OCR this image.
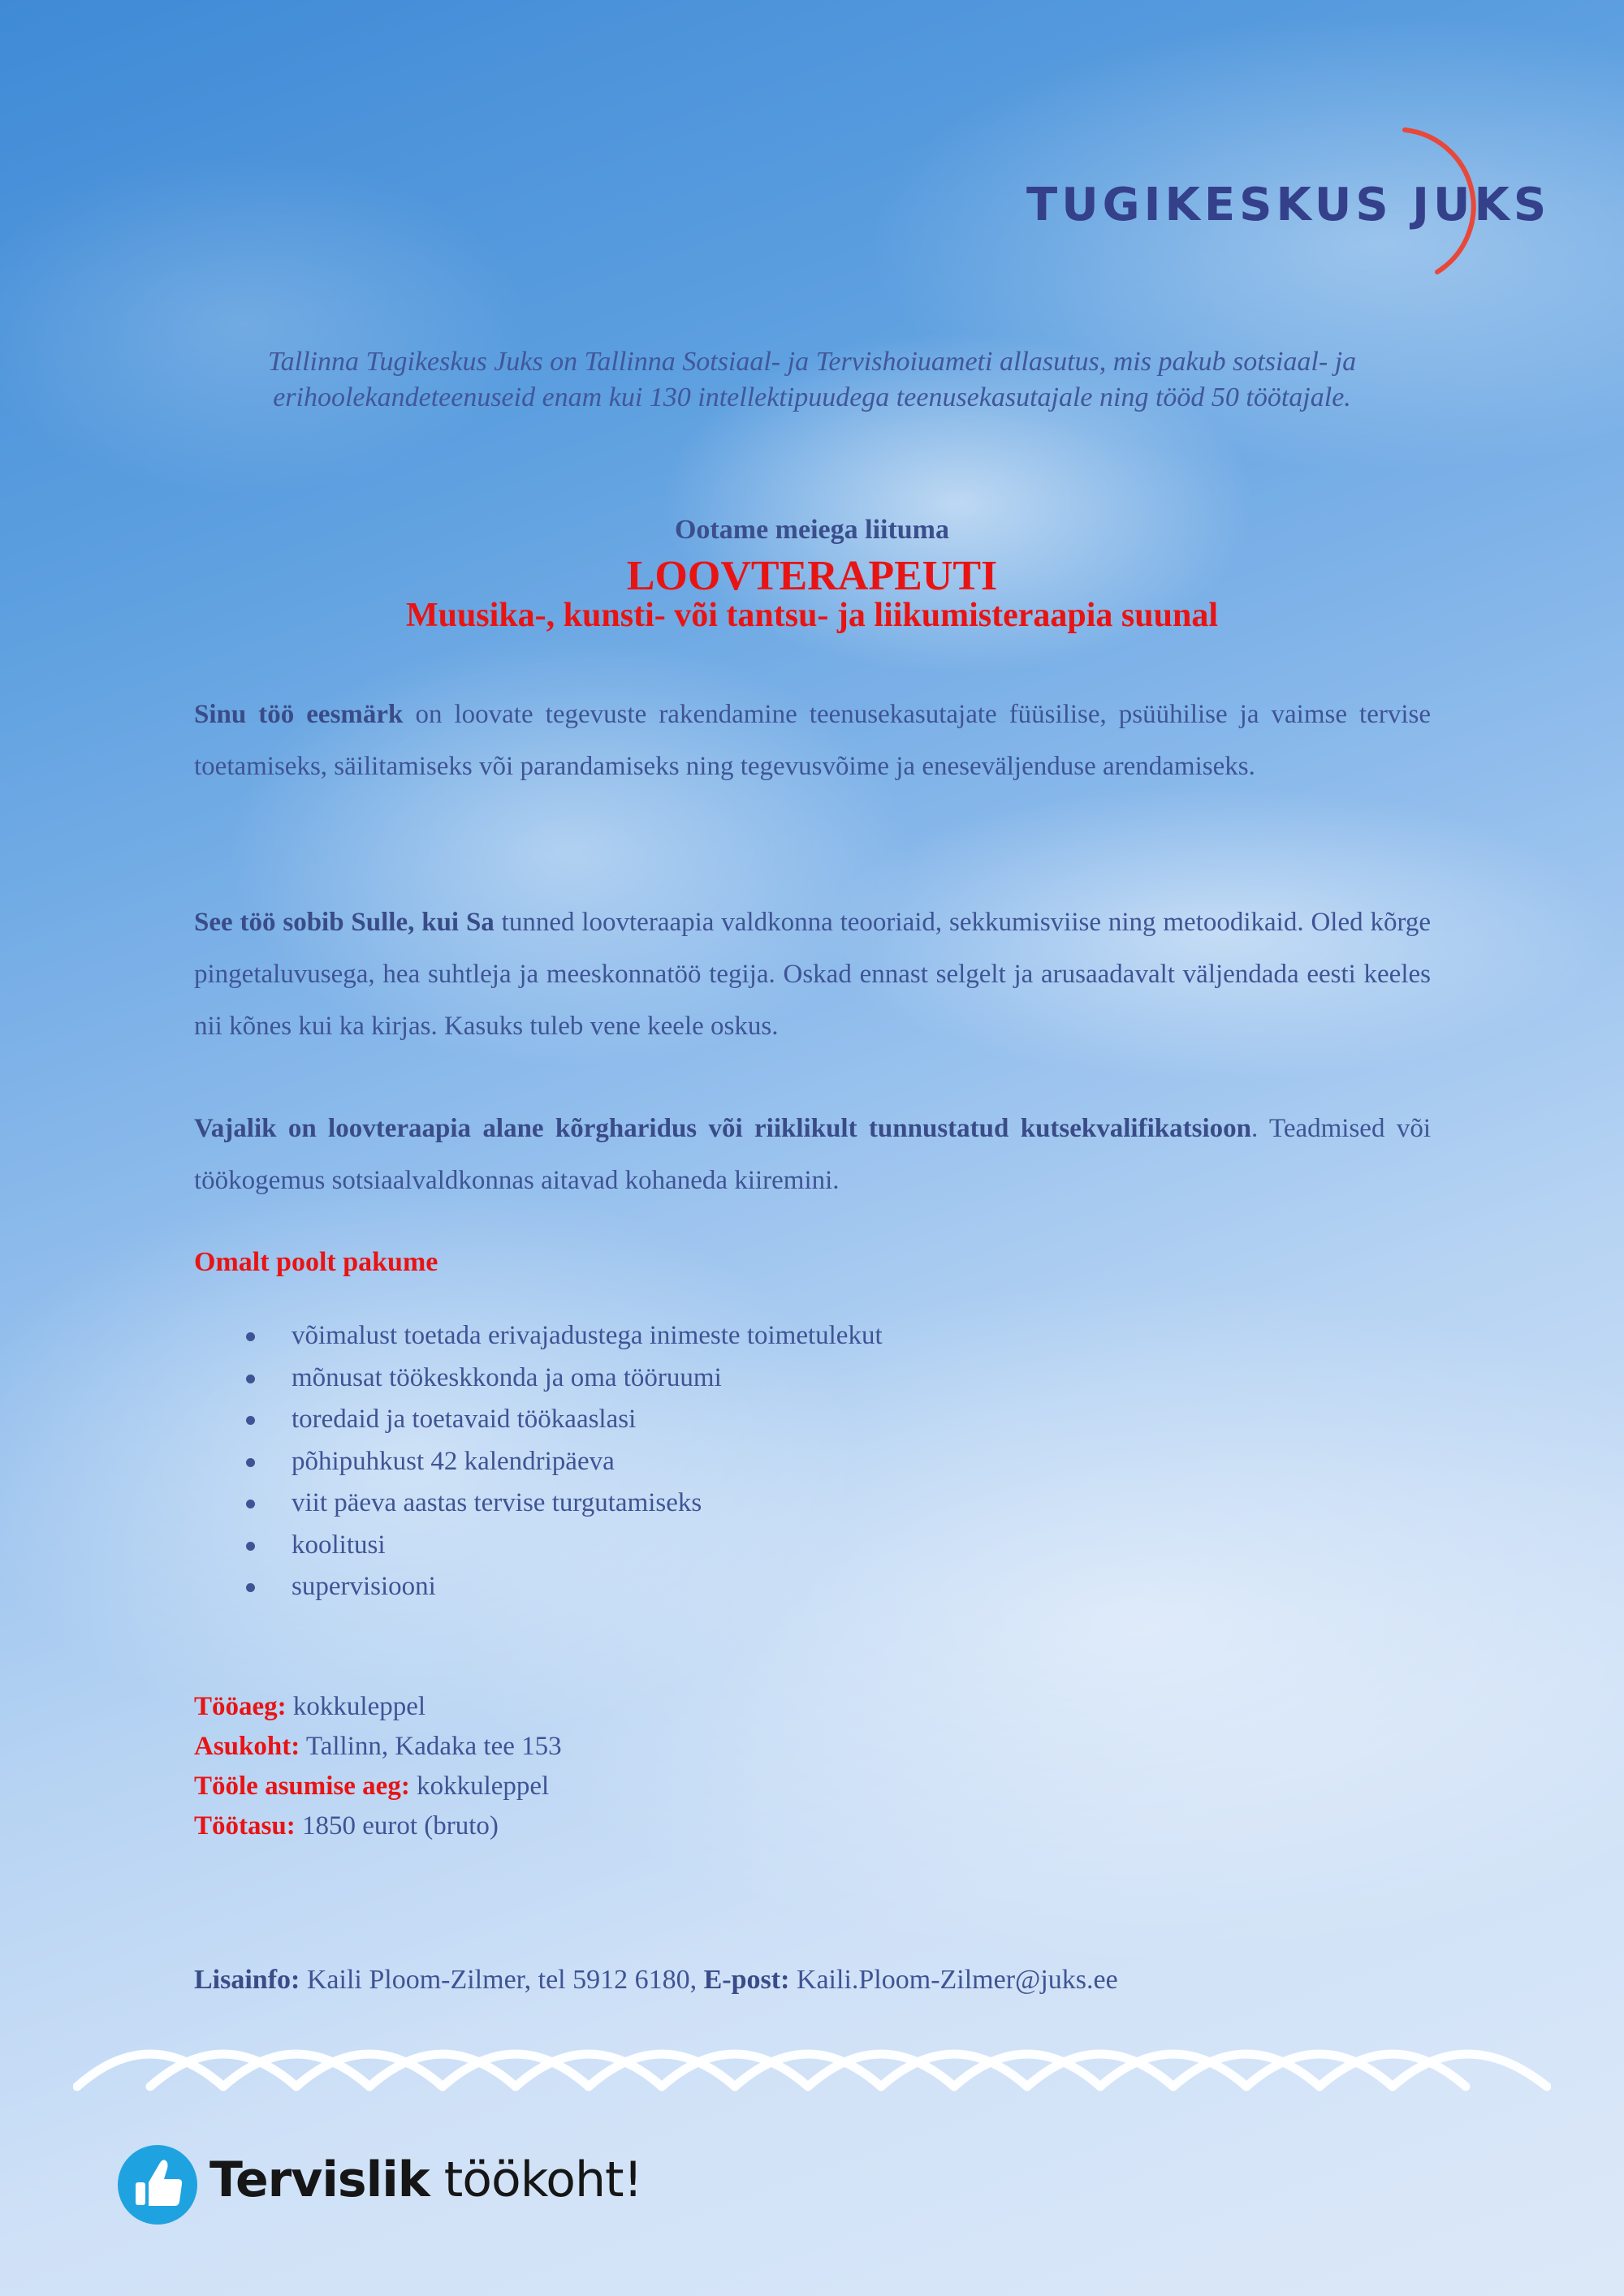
TUGIKESKUS JUKS
Tallinna Tugikeskus Juks on Tallinna Sotsiaal- ja Tervishoiuameti allasutus, mis pakub sotsiaal- ja erihoolekandeteenuseid enam kui 130 intellektipuudega teenusekasutajale ning tööd 50 töötajale.
Ootame meiega liituma
LOOVTERAPEUTI
Muusika-, kunsti- või tantsu- ja liikumisteraapia suunal
Sinu töö eesmärk on loovate tegevuste rakendamine teenusekasutajate füüsilise, psüühilise ja vaimse tervise toetamiseks, säilitamiseks või parandamiseks ning tegevusvõime ja eneseväljenduse arendamiseks.
See töö sobib Sulle, kui Sa tunned loovteraapia valdkonna teooriaid, sekkumisviise ning metoodikaid. Oled kõrge pingetaluvusega, hea suhtleja ja meeskonnatöö tegija. Oskad ennast selgelt ja arusaadavalt väljendada eesti keeles nii kõnes kui ka kirjas. Kasuks tuleb vene keele oskus.
Vajalik on loovteraapia alane kõrgharidus või riiklikult tunnustatud kutsekvalifikatsioon. Teadmised või töökogemus sotsiaalvaldkonnas aitavad kohaneda kiiremini.
Omalt poolt pakume
võimalust toetada erivajadustega inimeste toimetulekut
mõnusat töökeskkonda ja oma tööruumi
toredaid ja toetavaid töökaaslasi
põhipuhkust 42 kalendripäeva
viit päeva aastas tervise turgutamiseks
koolitusi
supervisiooni
Tööaeg: kokkuleppel
Asukoht: Tallinn, Kadaka tee 153
Tööle asumise aeg: kokkuleppel
Töötasu: 1850 eurot (bruto)
Lisainfo: Kaili Ploom-Zilmer, tel 5912 6180, E-post: Kaili.Ploom-Zilmer@juks.ee
Tervislik töökoht!
